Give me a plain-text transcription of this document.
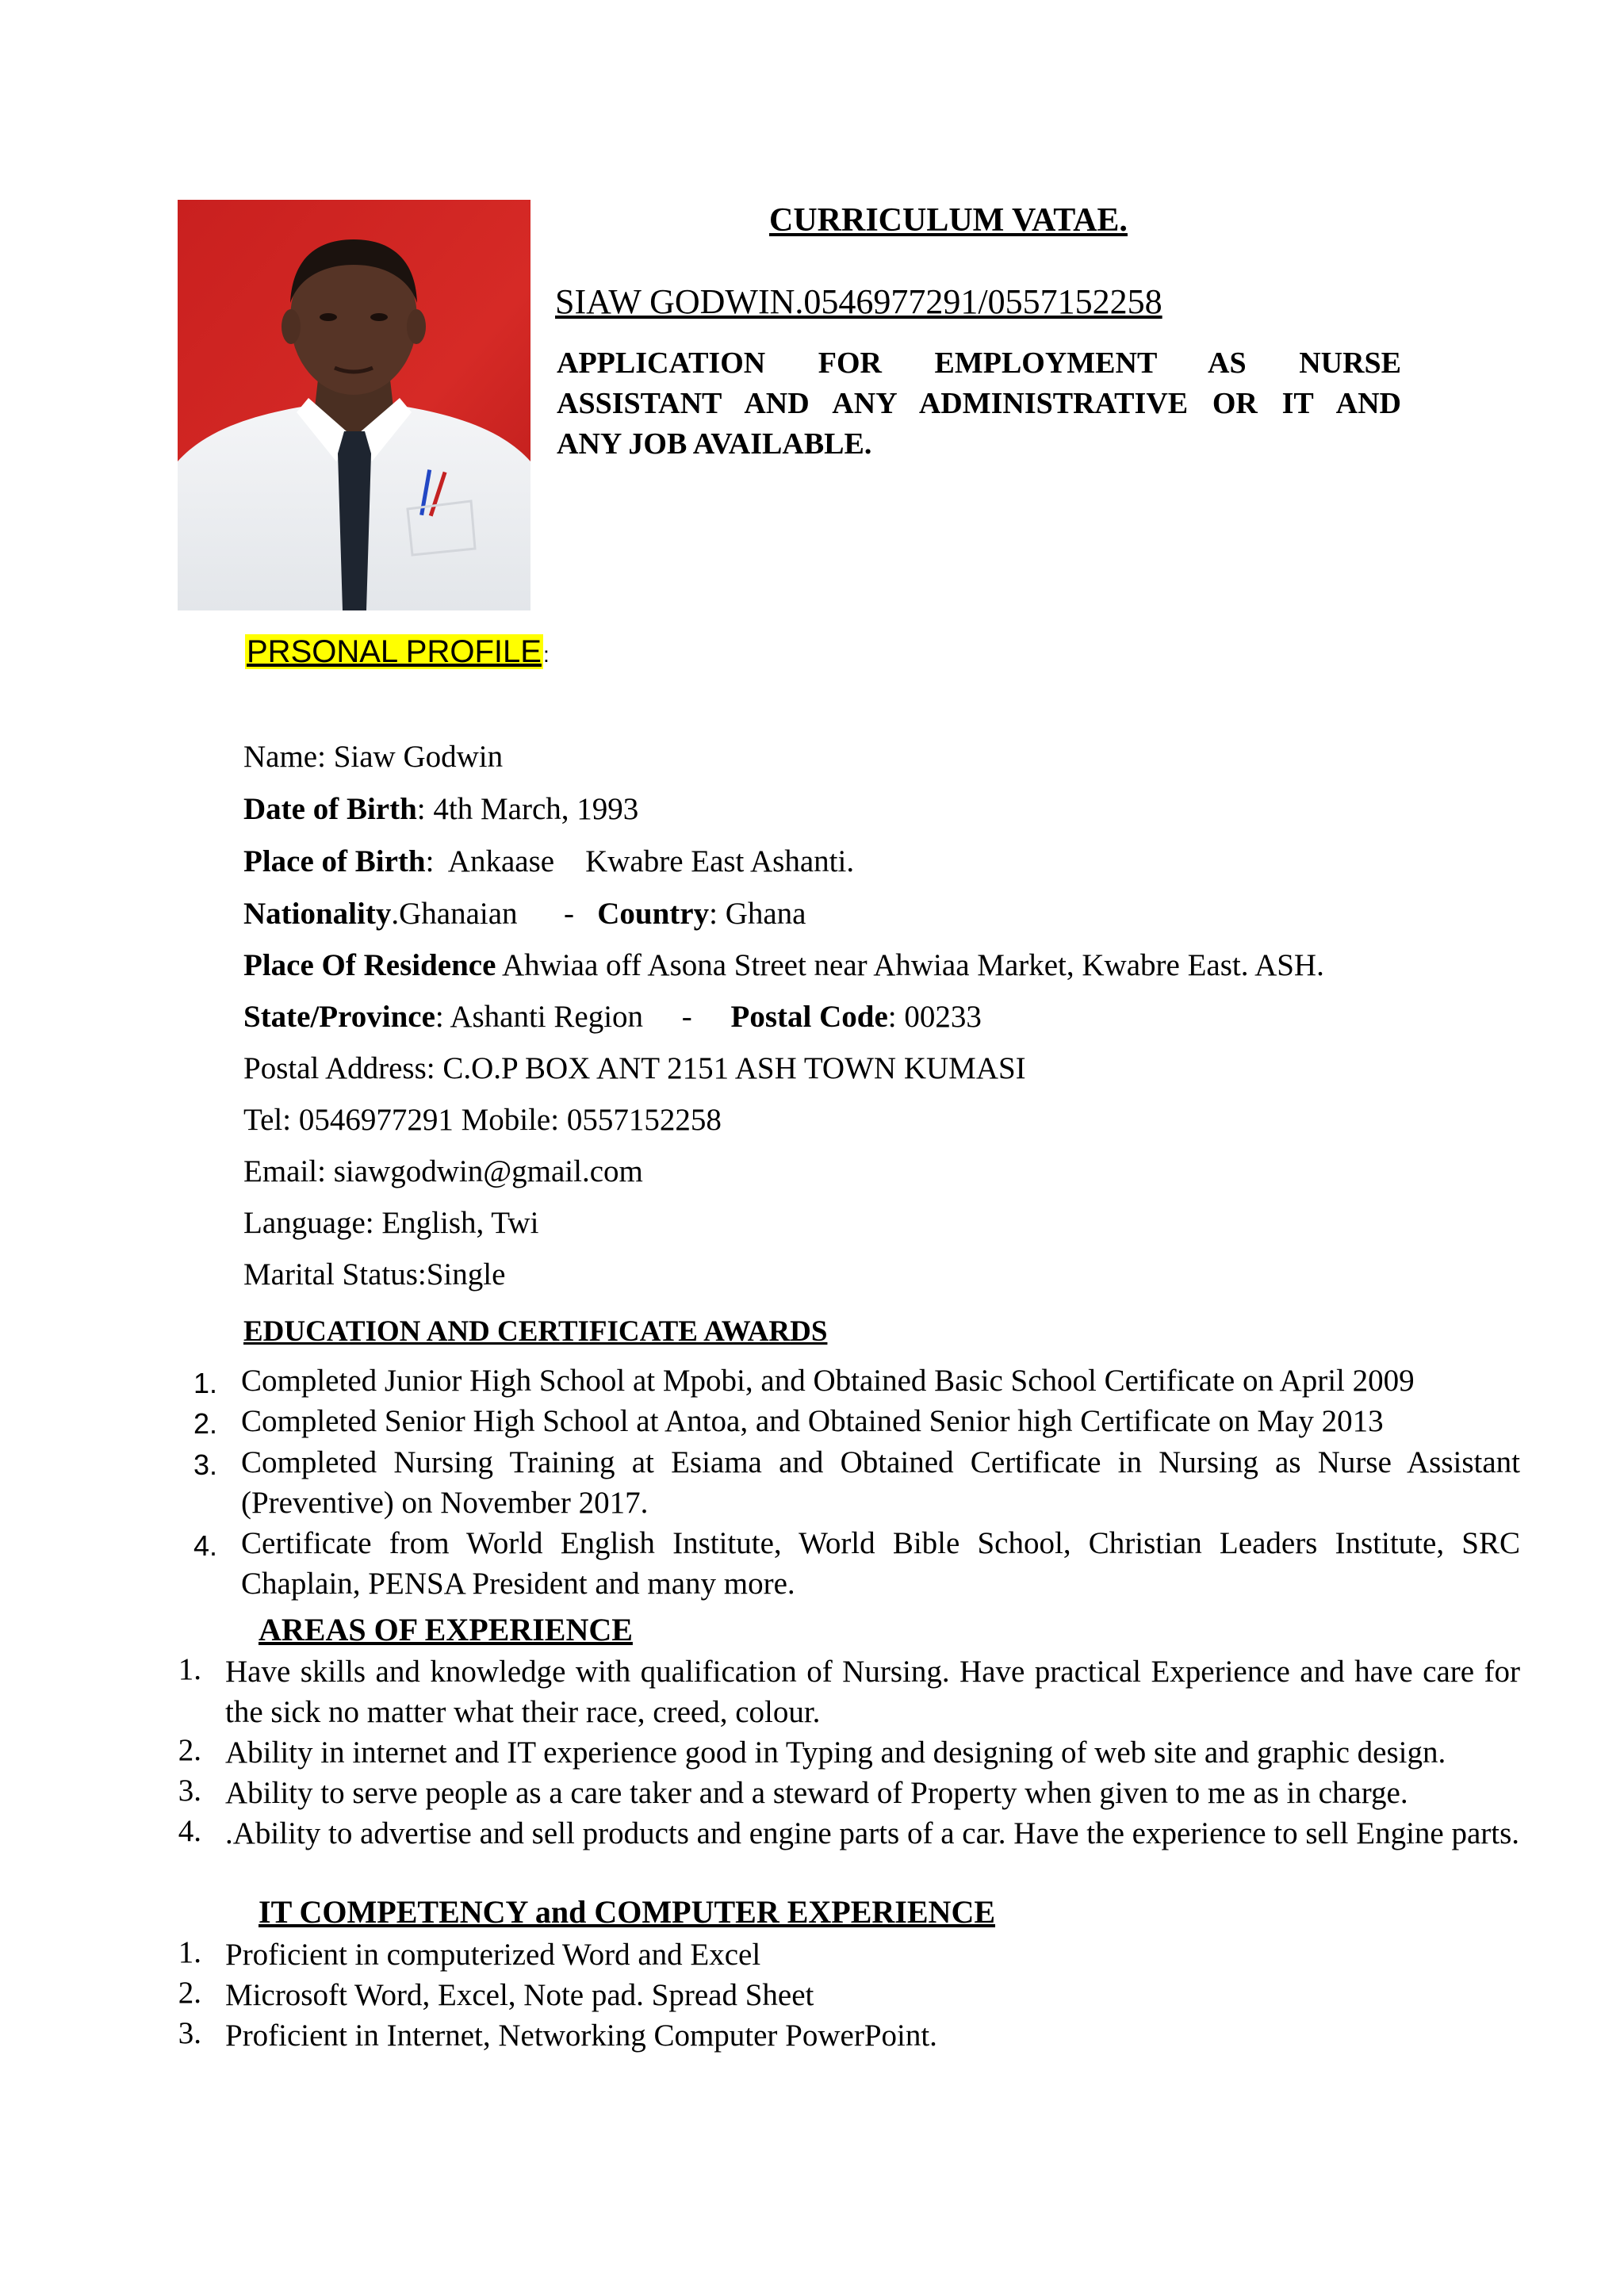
CURRICULUM VATAE.
SIAW GODWIN.0546977291/0557152258
APPLICATION FOR EMPLOYMENT AS NURSE
ASSISTANT AND ANY ADMINISTRATIVE OR IT AND
ANY JOB AVAILABLE.
PRSONAL PROFILE:
Name: Siaw Godwin
Date of Birth: 4th March, 1993
Place of Birth:  Ankaase    Kwabre East Ashanti.
Nationality.Ghanaian      -   Country: Ghana
Place Of Residence Ahwiaa off Asona Street near Ahwiaa Market, Kwabre East. ASH.
State/Province: Ashanti Region     -     Postal Code: 00233
Postal Address: C.O.P BOX ANT 2151 ASH TOWN KUMASI
Tel: 0546977291 Mobile: 0557152258
Email: siawgodwin@gmail.com
Language: English, Twi
Marital Status:Single
EDUCATION AND CERTIFICATE AWARDS
1. Completed Junior High School at Mpobi, and Obtained Basic School Certificate on April 2009
2. Completed Senior High School at Antoa, and Obtained Senior high Certificate on May 2013
3. Completed Nursing Training at Esiama and Obtained Certificate in Nursing as Nurse Assistant (Preventive) on November 2017.
4. Certificate from World English Institute, World Bible School, Christian Leaders Institute, SRC Chaplain, PENSA President and many more.
AREAS OF EXPERIENCE
1. Have skills and knowledge with qualification of Nursing. Have practical Experience and have care for the sick no matter what their race, creed, colour.
2. Ability in internet and IT experience good in Typing and designing of web site and graphic design.
3. Ability to serve people as a care taker and a steward of Property when given to me as in charge.
4. .Ability to advertise and sell products and engine parts of a car. Have the experience to sell Engine parts.
IT COMPETENCY and COMPUTER EXPERIENCE
1. Proficient in computerized Word and Excel
2. Microsoft Word, Excel, Note pad. Spread Sheet
3. Proficient in Internet, Networking Computer PowerPoint.
